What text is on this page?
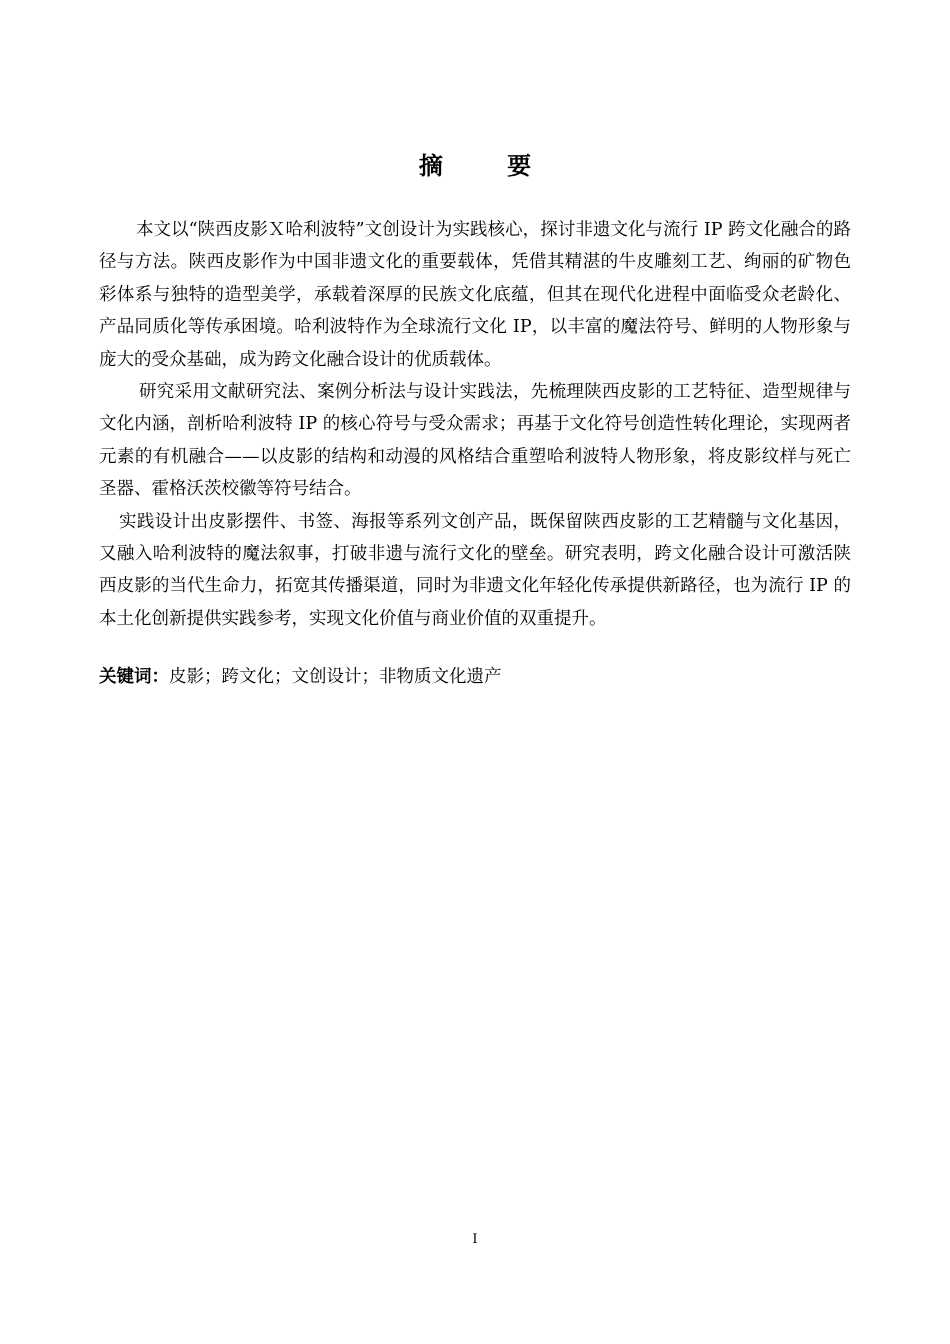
摘 要

本文以“陕西皮影Ｘ哈利波特”文创设计为实践核心，探讨非遗文化与流行 IP 跨文化融合的路径与方法。陕西皮影作为中国非遗文化的重要载体，凭借其精湛的牛皮雕刻工艺、绚丽的矿物色彩体系与独特的造型美学，承载着深厚的民族文化底蕴，但其在现代化进程中面临受众老龄化、产品同质化等传承困境。哈利波特作为全球流行文化 IP，以丰富的魔法符号、鲜明的人物形象与庞大的受众基础，成为跨文化融合设计的优质载体。

研究采用文献研究法、案例分析法与设计实践法，先梳理陕西皮影的工艺特征、造型规律与文化内涵，剖析哈利波特 IP 的核心符号与受众需求；再基于文化符号创造性转化理论，实现两者元素的有机融合——以皮影的结构和动漫的风格结合重塑哈利波特人物形象，将皮影纹样与死亡圣器、霍格沃茨校徽等符号结合。

实践设计出皮影摆件、书签、海报等系列文创产品，既保留陕西皮影的工艺精髓与文化基因，又融入哈利波特的魔法叙事，打破非遗与流行文化的壁垒。研究表明，跨文化融合设计可激活陕西皮影的当代生命力，拓宽其传播渠道，同时为非遗文化年轻化传承提供新路径，也为流行 IP 的本土化创新提供实践参考，实现文化价值与商业价值的双重提升。

关键词：皮影；跨文化；文创设计；非物质文化遗产
I
